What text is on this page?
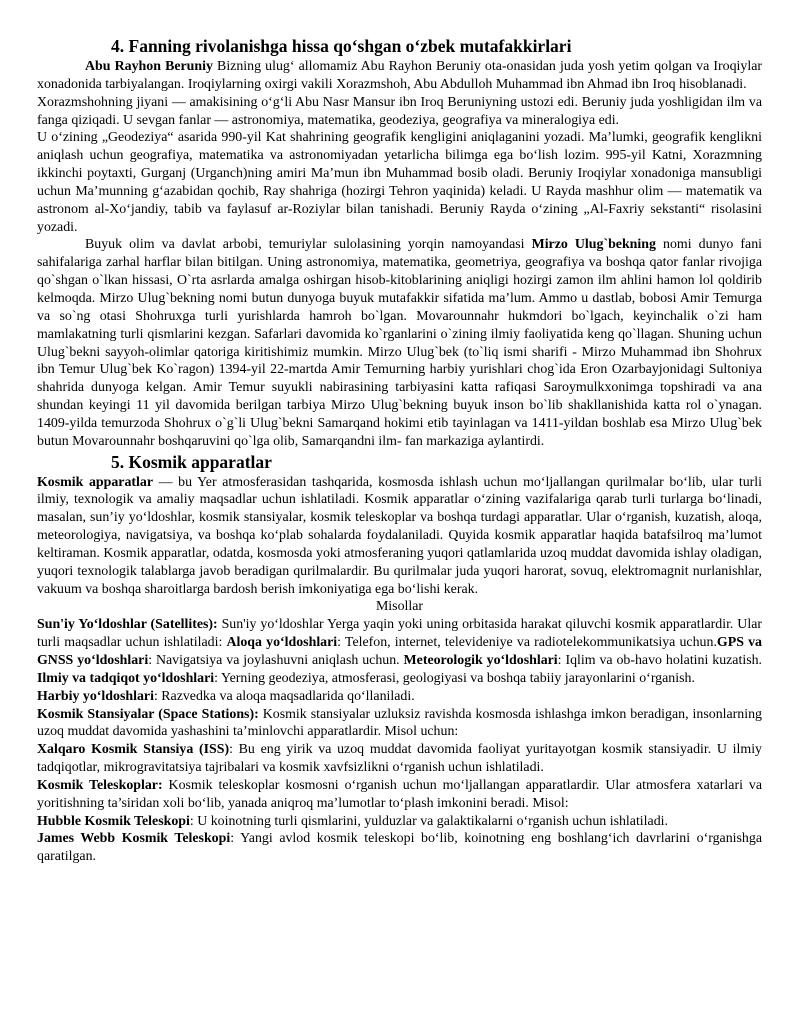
4. Fanning rivolanishga hissa qo‘shgan o‘zbek mutafakkirlari

Abu Rayhon Beruniy Bizning ulug‘ allomamiz Abu Rayhon Beruniy ota-onasidan juda yosh yetim qolgan va Iroqiylar xonadonida tarbiyalangan. Iroqiylarning oxirgi vakili Xorazmshoh, Abu Abdulloh Muhammad ibn Ahmad ibn Iroq hisoblanadi.

Xorazmshohning jiyani — amakisining o‘g‘li Abu Nasr Mansur ibn Iroq Beruniyning ustozi edi. Beruniy juda yoshligidan ilm va fanga qiziqadi. U sevgan fanlar — astronomiya, matematika, geodeziya, geografiya va mineralogiya edi.

U o‘zining „Geodeziya“ asarida 990-yil Kat shahrining geografik kengligini aniqlaganini yozadi. Ma’lumki, geografik kenglikni aniqlash uchun geografiya, matematika va astronomiyadan yetarlicha bilimga ega bo‘lish lozim. 995-yil Katni, Xorazmning ikkinchi poytaxti, Gurganj (Urganch)ning amiri Ma’mun ibn Muhammad bosib oladi. Beruniy Iroqiylar xonadoniga mansubligi uchun Ma’munning g‘azabidan qochib, Ray shahriga (hozirgi Tehron yaqinida) keladi. U Rayda mashhur olim — matematik va astronom al-Xo‘jandiy, tabib va faylasuf ar-Roziylar bilan tanishadi. Beruniy Rayda o‘zining „Al-Faxriy sekstanti“ risolasini yozadi.

Buyuk olim va davlat arbobi, temuriylar sulolasining yorqin namoyandasi Mirzo Ulug`bekning nomi dunyo fani sahifalariga zarhal harflar bilan bitilgan. Uning astronomiya, matematika, geometriya, geografiya va boshqa qator fanlar rivojiga qo`shgan o`lkan hissasi, O`rta asrlarda amalga oshirgan hisob-kitoblarining aniqligi hozirgi zamon ilm ahlini hamon lol qoldirib kelmoqda. Mirzo Ulug`bekning nomi butun dunyoga buyuk mutafakkir sifatida ma’lum. Ammo u dastlab, bobosi Amir Temurga va so`ng otasi Shohruxga turli yurishlarda hamroh bo`lgan. Movarounnahr hukmdori bo`lgach, keyinchalik o`zi ham mamlakatning turli qismlarini kezgan. Safarlari davomida ko`rganlarini o`zining ilmiy faoliyatida keng qo`llagan. Shuning uchun Ulug`bekni sayyoh-olimlar qatoriga kiritishimiz mumkin. Mirzo Ulug`bek (to`liq ismi sharifi - Mirzo Muhammad ibn Shohrux ibn Temur Ulug`bek Ko`ragon) 1394-yil 22-martda Amir Temurning harbiy yurishlari chog`ida Eron Ozarbayjonidagi Sultoniya shahrida dunyoga kelgan. Amir Temur suyukli nabirasining tarbiyasini katta rafiqasi Saroymulkxonimga topshiradi va ana shundan keyingi 11 yil davomida berilgan tarbiya Mirzo Ulug`bekning buyuk inson bo`lib shakllanishida katta rol o`ynagan. 1409-yilda temurzoda Shohrux o`g`li Ulug`bekni Samarqand hokimi etib tayinlagan va 1411-yildan boshlab esa Mirzo Ulug`bek butun Movarounnahr boshqaruvini qo`lga olib, Samarqandni ilm- fan markaziga aylantirdi.

5. Kosmik apparatlar

Kosmik apparatlar — bu Yer atmosferasidan tashqarida, kosmosda ishlash uchun mo‘ljallangan qurilmalar bo‘lib, ular turli ilmiy, texnologik va amaliy maqsadlar uchun ishlatiladi. Kosmik apparatlar o‘zining vazifalariga qarab turli turlarga bo‘linadi, masalan, sun’iy yo‘ldoshlar, kosmik stansiyalar, kosmik teleskoplar va boshqa turdagi apparatlar. Ular o‘rganish, kuzatish, aloqa, meteorologiya, navigatsiya, va boshqa ko‘plab sohalarda foydalaniladi. Quyida kosmik apparatlar haqida batafsilroq ma’lumot keltiraman. Kosmik apparatlar, odatda, kosmosda yoki atmosferaning yuqori qatlamlarida uzoq muddat davomida ishlay oladigan, yuqori texnologik talablarga javob beradigan qurilmalardir. Bu qurilmalar juda yuqori harorat, sovuq, elektromagnit nurlanishlar, vakuum va boshqa sharoitlarga bardosh berish imkoniyatiga ega bo‘lishi kerak.

Misollar

Sun'iy Yo‘ldoshlar (Satellites): Sun'iy yo‘ldoshlar Yerga yaqin yoki uning orbitasida harakat qiluvchi kosmik apparatlardir. Ular turli maqsadlar uchun ishlatiladi: Aloqa yo‘ldoshlari: Telefon, internet, televideniye va radiotelekommunikatsiya uchun.GPS va GNSS yo‘ldoshlari: Navigatsiya va joylashuvni aniqlash uchun. Meteorologik yo‘ldoshlari: Iqlim va ob-havo holatini kuzatish. Ilmiy va tadqiqot yo‘ldoshlari: Yerning geodeziya, atmosferasi, geologiyasi va boshqa tabiiy jarayonlarini o‘rganish.

Harbiy yo‘ldoshlari: Razvedka va aloqa maqsadlarida qo‘llaniladi.

Kosmik Stansiyalar (Space Stations): Kosmik stansiyalar uzluksiz ravishda kosmosda ishlashga imkon beradigan, insonlarning uzoq muddat davomida yashashini ta’minlovchi apparatlardir. Misol uchun:

Xalqaro Kosmik Stansiya (ISS): Bu eng yirik va uzoq muddat davomida faoliyat yuritayotgan kosmik stansiyadir. U ilmiy tadqiqotlar, mikrogravitatsiya tajribalari va kosmik xavfsizlikni o‘rganish uchun ishlatiladi.

Kosmik Teleskoplar: Kosmik teleskoplar kosmosni o‘rganish uchun mo‘ljallangan apparatlardir. Ular atmosfera xatarlari va yoritishning ta’siridan xoli bo‘lib, yanada aniqroq ma’lumotlar to‘plash imkonini beradi. Misol:

Hubble Kosmik Teleskopi: U koinotning turli qismlarini, yulduzlar va galaktikalarni o‘rganish uchun ishlatiladi.

James Webb Kosmik Teleskopi: Yangi avlod kosmik teleskopi bo‘lib, koinotning eng boshlang‘ich davrlarini o‘rganishga qaratilgan.
